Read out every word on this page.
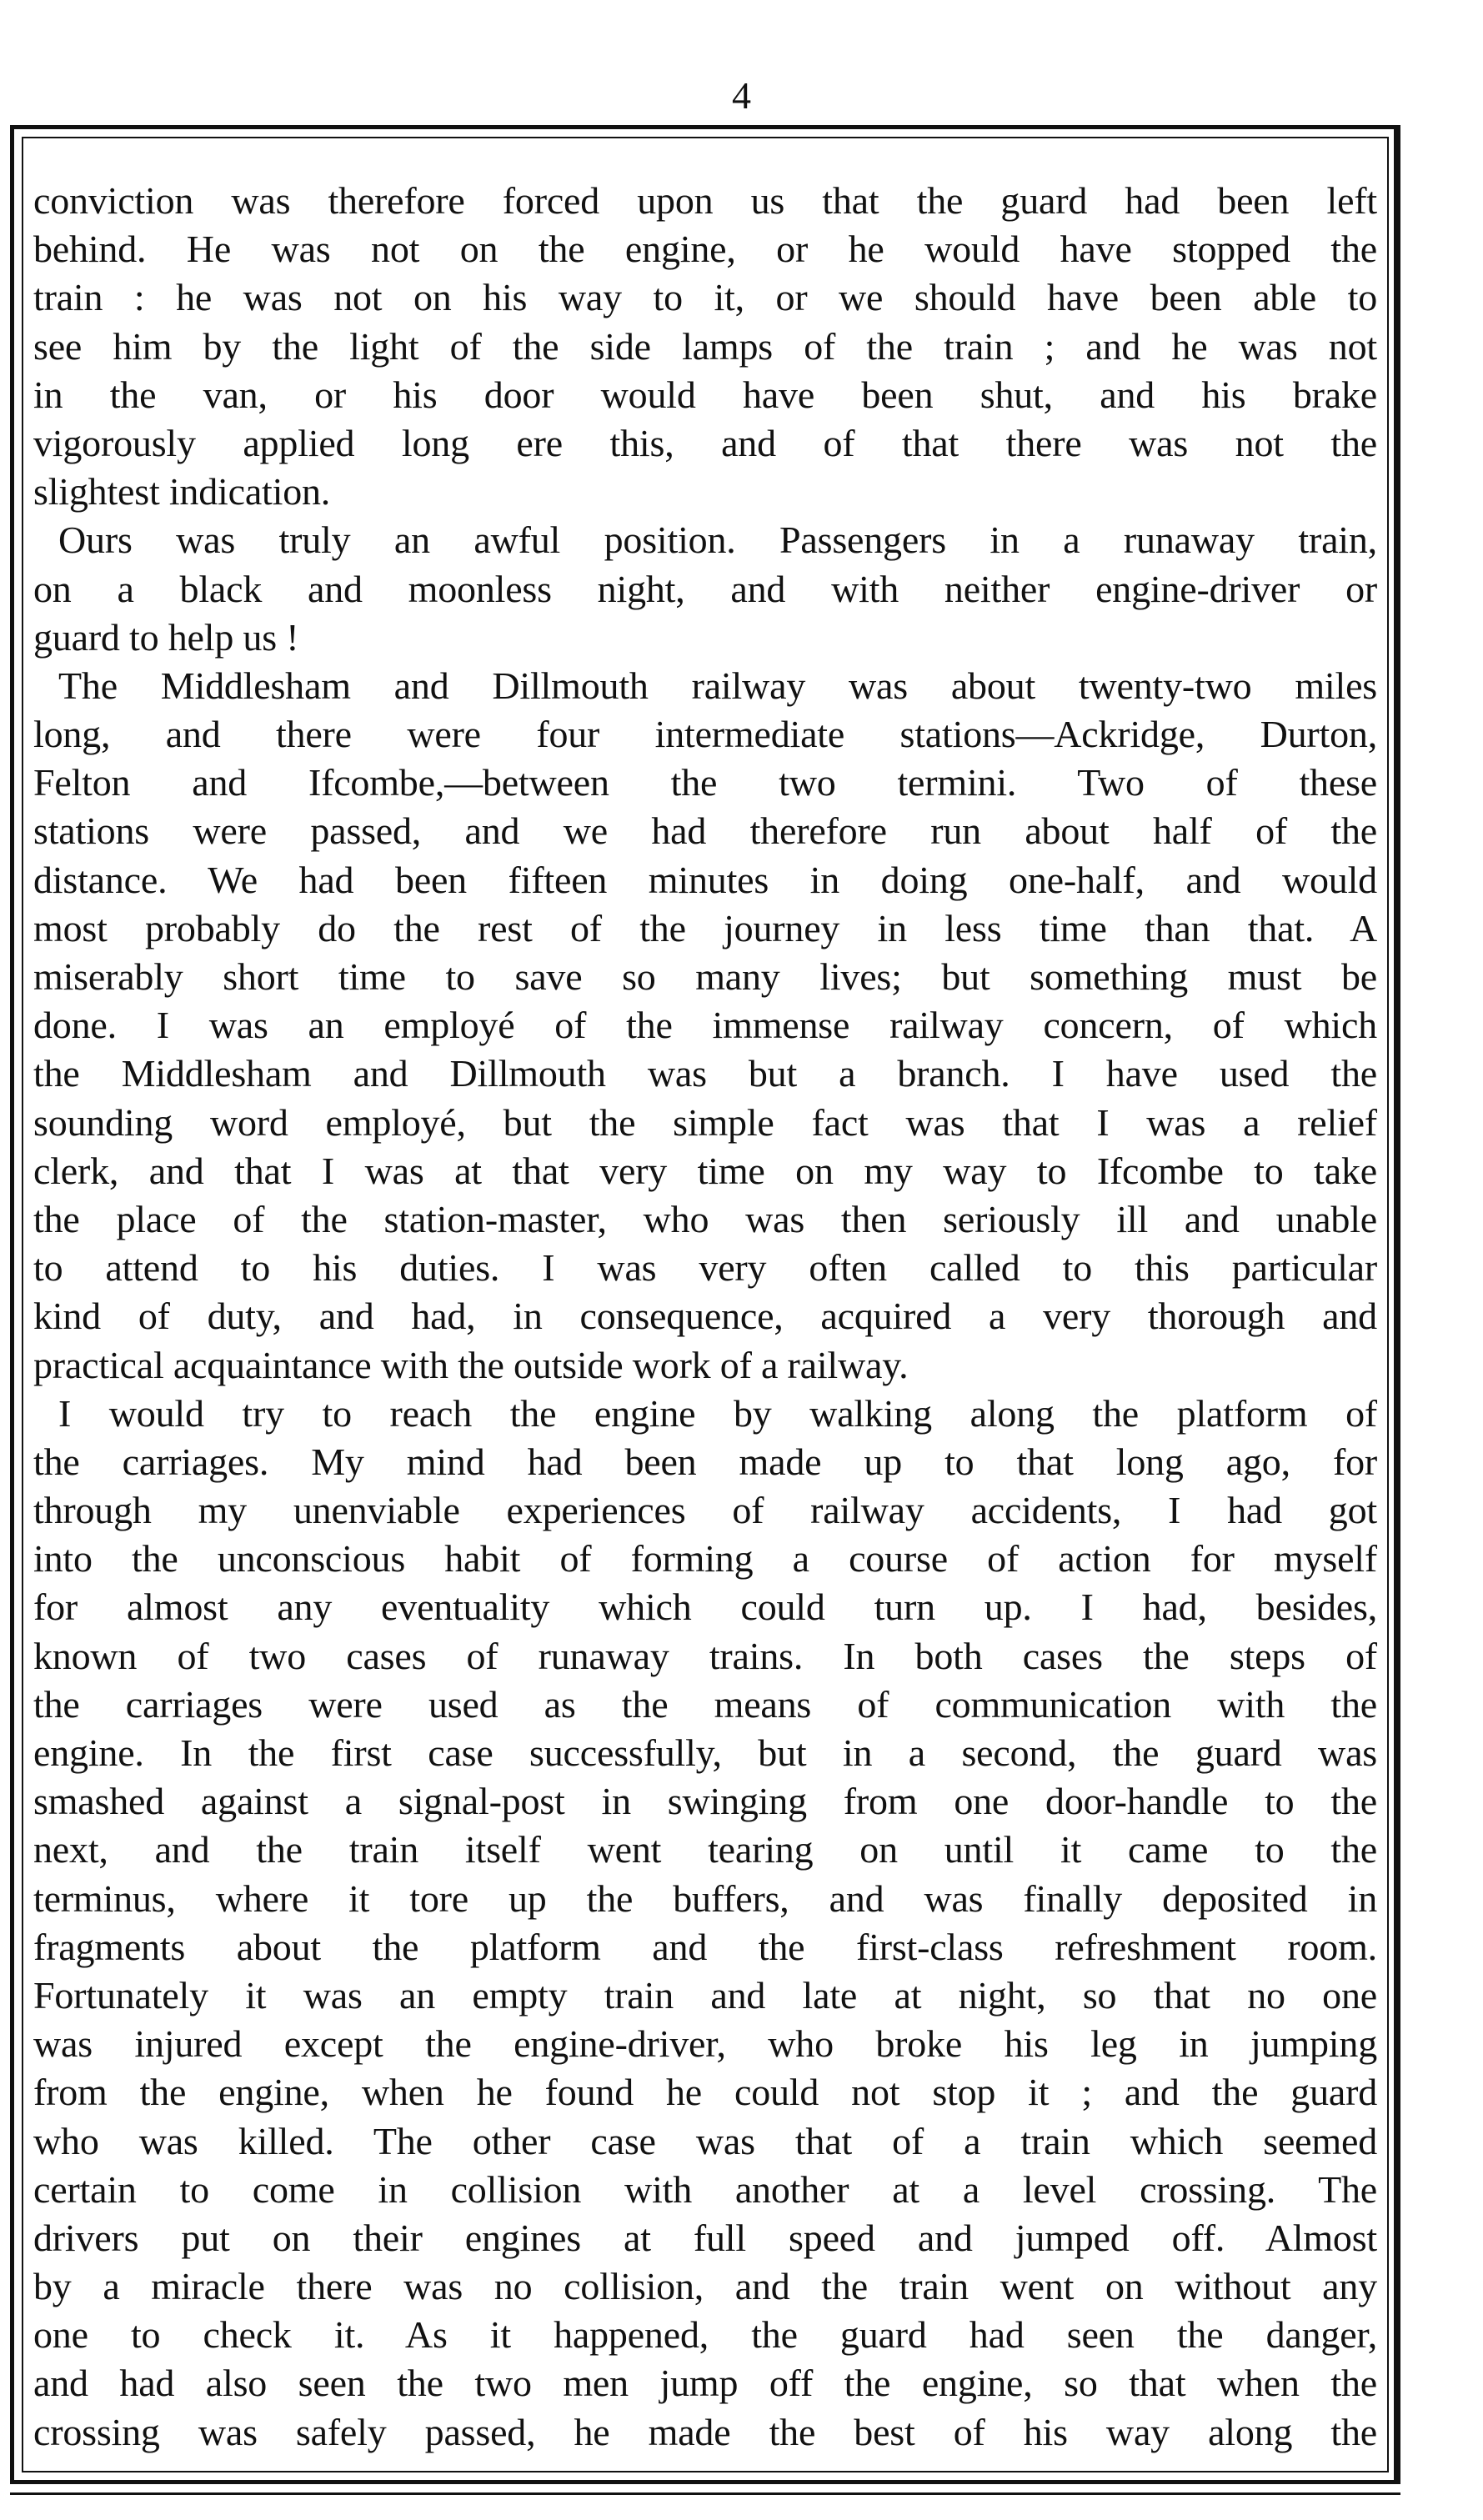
4
conviction was therefore forced upon us that the guard had been left
behind. He was not on the engine, or he would have stopped the
train : he was not on his way to it, or we should have been able to
see him by the light of the side lamps of the train ; and he was not
in the van, or his door would have been shut, and his brake
vigorously applied long ere this, and of that there was not the
slightest indication.
Ours was truly an awful position. Passengers in a runaway train,
on a black and moonless night, and with neither engine-driver or
guard to help us !
The Middlesham and Dillmouth railway was about twenty-two miles
long, and there were four intermediate stations—Ackridge, Durton,
Felton and Ifcombe,—between the two termini. Two of these
stations were passed, and we had therefore run about half of the
distance. We had been fifteen minutes in doing one-half, and would
most probably do the rest of the journey in less time than that. A
miserably short time to save so many lives; but something must be
done. I was an employé of the immense railway concern, of which
the Middlesham and Dillmouth was but a branch. I have used the
sounding word employé, but the simple fact was that I was a relief
clerk, and that I was at that very time on my way to Ifcombe to take
the place of the station-master, who was then seriously ill and unable
to attend to his duties. I was very often called to this particular
kind of duty, and had, in consequence, acquired a very thorough and
practical acquaintance with the outside work of a railway.
I would try to reach the engine by walking along the platform of
the carriages. My mind had been made up to that long ago, for
through my unenviable experiences of railway accidents, I had got
into the unconscious habit of forming a course of action for myself
for almost any eventuality which could turn up. I had, besides,
known of two cases of runaway trains. In both cases the steps of
the carriages were used as the means of communication with the
engine. In the first case successfully, but in a second, the guard was
smashed against a signal-post in swinging from one door-handle to the
next, and the train itself went tearing on until it came to the
terminus, where it tore up the buffers, and was finally deposited in
fragments about the platform and the first-class refreshment room.
Fortunately it was an empty train and late at night, so that no one
was injured except the engine-driver, who broke his leg in jumping
from the engine, when he found he could not stop it ; and the guard
who was killed. The other case was that of a train which seemed
certain to come in collision with another at a level crossing. The
drivers put on their engines at full speed and jumped off. Almost
by a miracle there was no collision, and the train went on without any
one to check it. As it happened, the guard had seen the danger,
and had also seen the two men jump off the engine, so that when the
crossing was safely passed, he made the best of his way along the
